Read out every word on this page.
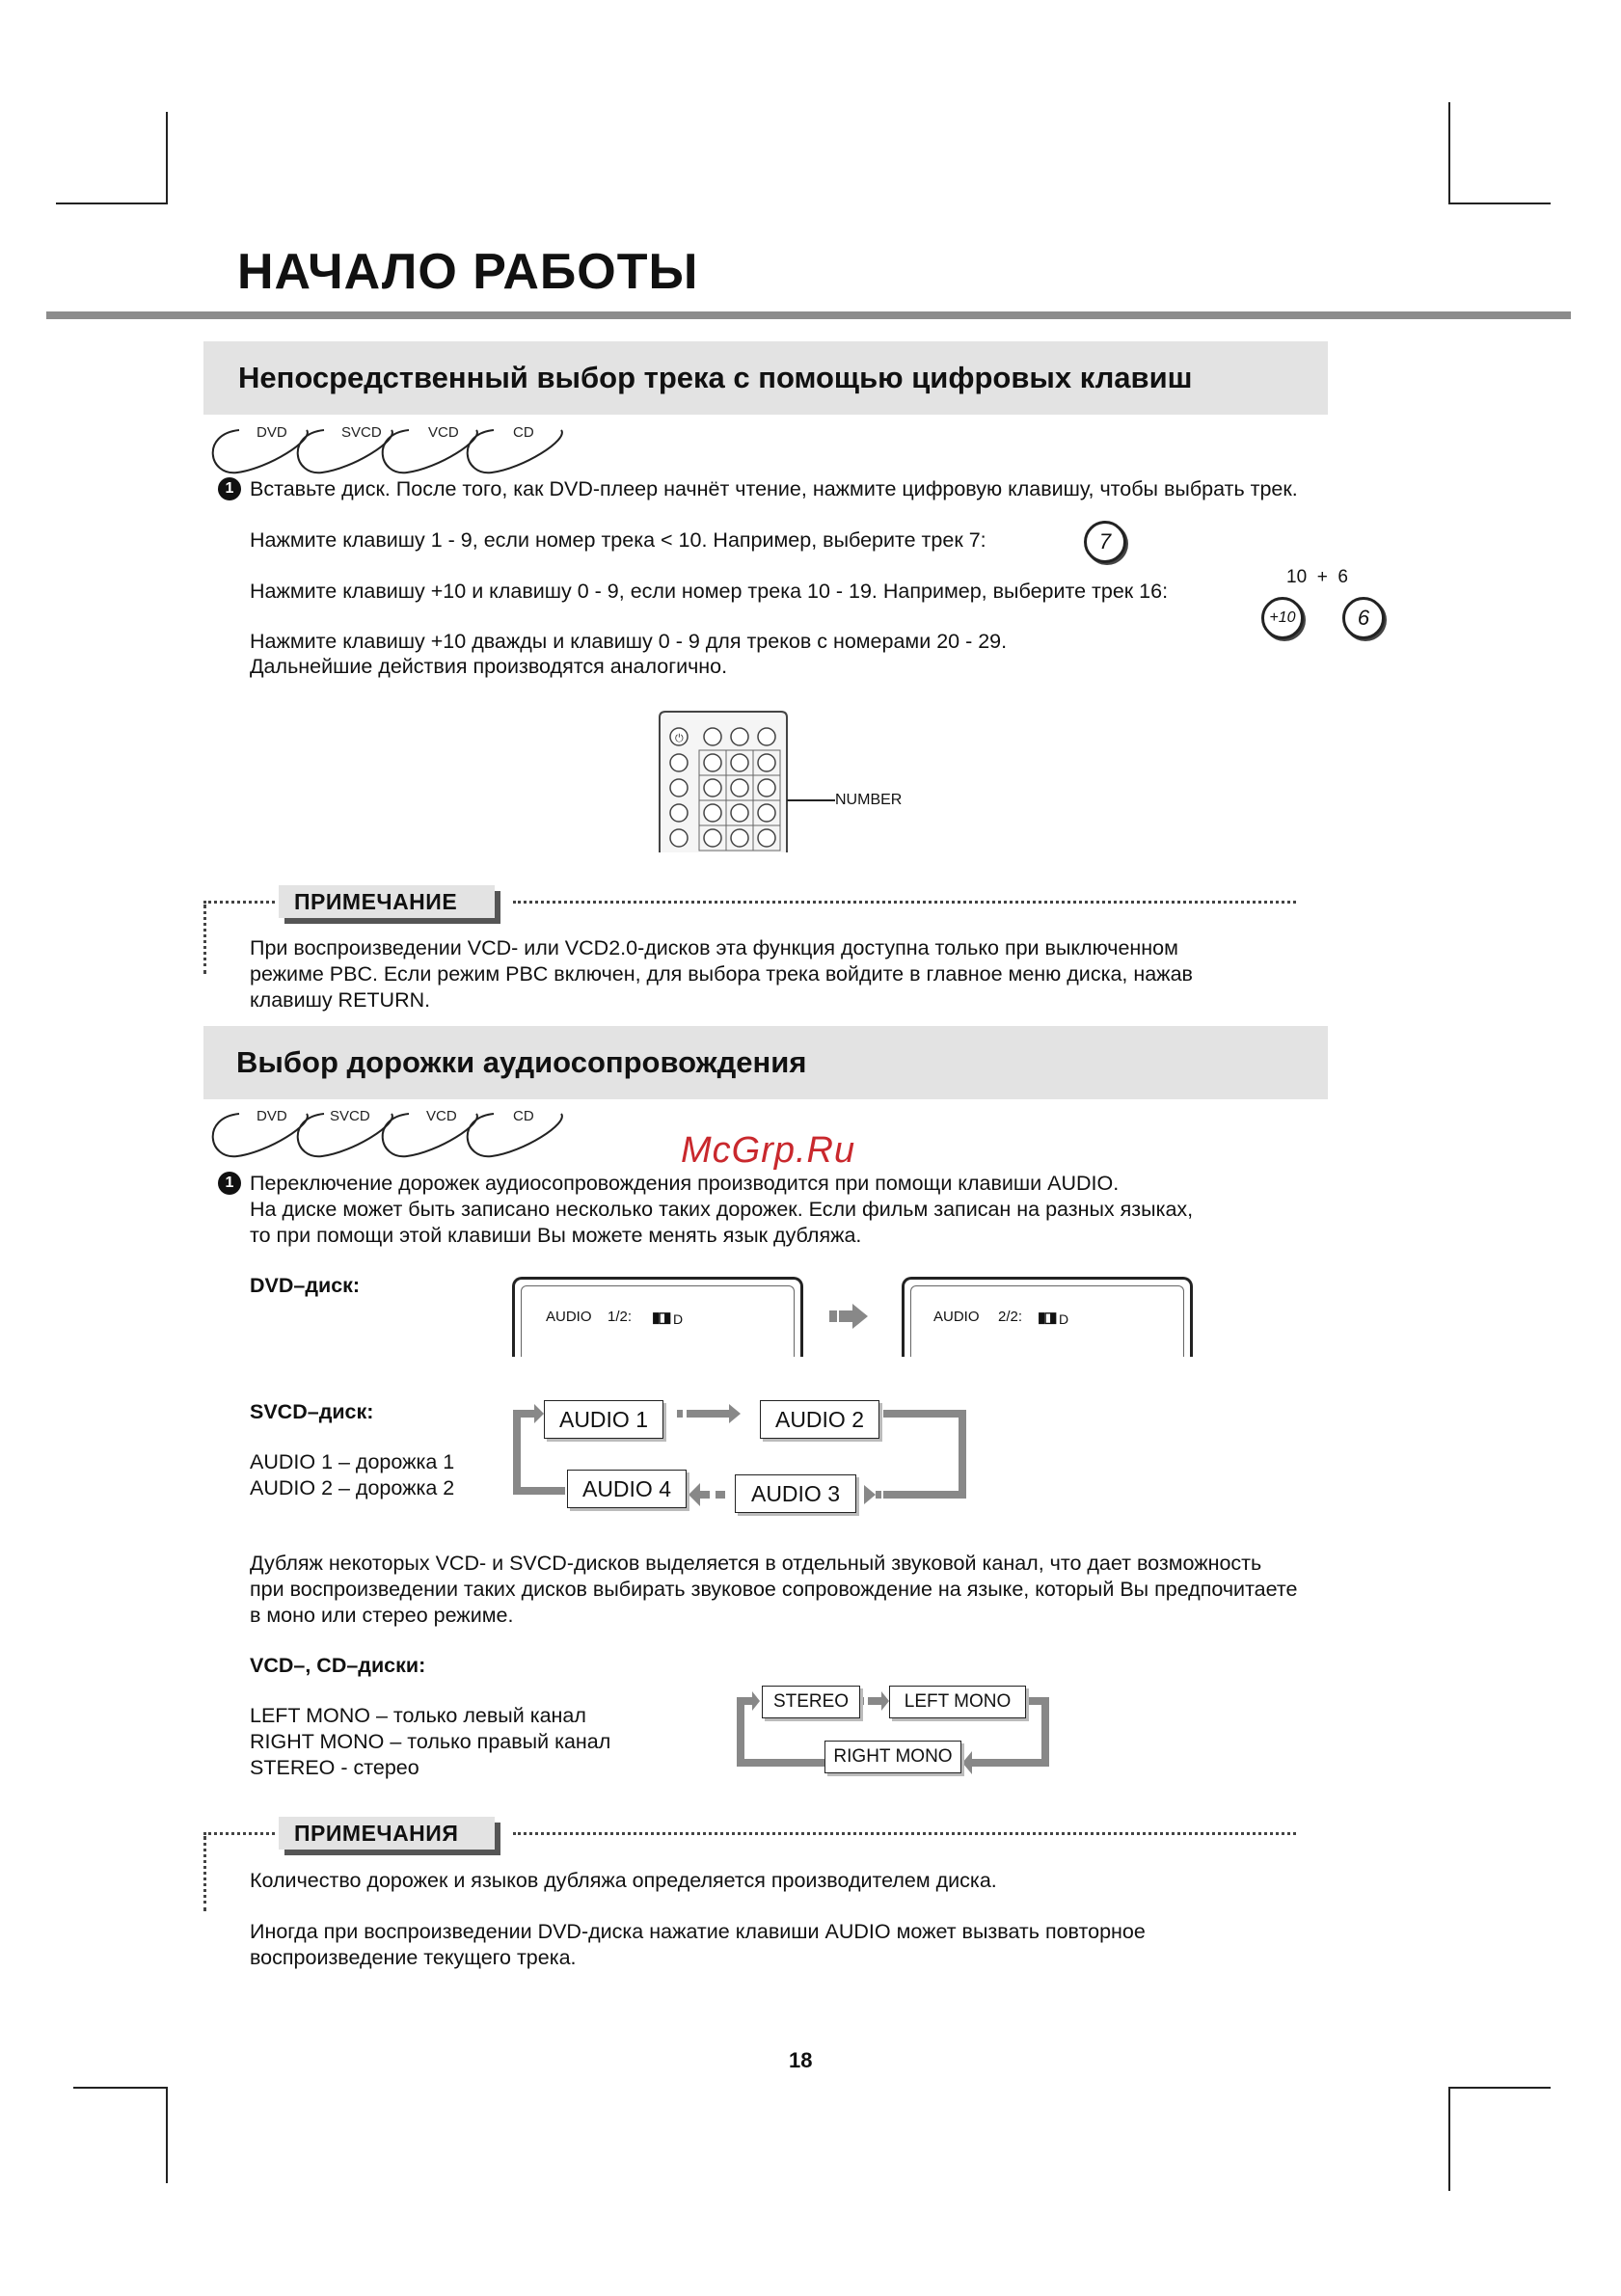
НАЧАЛО РАБОТЫ
Непосредственный выбор трека с помощью цифровых клавиш
DVD	SVCD	VCD	CD
1 Вставьте диск. После того, как DVD-плеер начнёт чтение, нажмите цифровую клавишу, чтобы выбрать трек.
Нажмите клавишу 1 - 9, если номер трека < 10. Например, выберите трек 7:
Нажмите клавишу +10 и клавишу 0 - 9, если номер трека 10 - 19. Например, выберите трек 16:
Нажмите клавишу +10 дважды и клавишу 0 - 9 для треков с номерами 20 - 29.
Дальнейшие действия производятся аналогично.
7
10  +  6
+10	6
⏻
NUMBER
ПРИМЕЧАНИЕ
При воспроизведении VCD- или VCD2.0-дисков эта функция доступна только при выключенном
режиме PBC. Если режим PBC включен, для выбора трека войдите в главное меню диска, нажав
клавишу RETURN.
Выбор дорожки аудиосопровождения
DVD	SVCD	VCD	CD
McGrp.Ru
1 Переключение дорожек аудиосопровождения производится при помощи клавиши AUDIO.
На диске может быть записано несколько таких дорожек. Если фильм записан на разных языках,
то при помощи этой клавиши Вы можете менять язык дубляжа.
DVD–диск:
AUDIO 1/2: ▮◨ D	AUDIO 2/2: ▮◨ D
SVCD–диск:
AUDIO 1 – дорожка 1
AUDIO 2 – дорожка 2
AUDIO 1	AUDIO 2
AUDIO 3
AUDIO 4
Дубляж некоторых VCD- и SVCD-дисков выделяется в отдельный звуковой канал, что дает возможность
при воспроизведении таких дисков выбирать звуковое сопровождение на языке, который Вы предпочитаете
в моно или стерео режиме.
VCD–, CD–диски:
LEFT MONO – только левый канал
RIGHT MONO – только правый канал
STEREO - стерео
STEREO	LEFT MONO
RIGHT MONO
ПРИМЕЧАНИЯ
Количество дорожек и языков дубляжа определяется производителем диска.
Иногда при воспроизведении DVD-диска нажатие клавиши AUDIO может вызвать повторное
воспроизведение текущего трека.
18
